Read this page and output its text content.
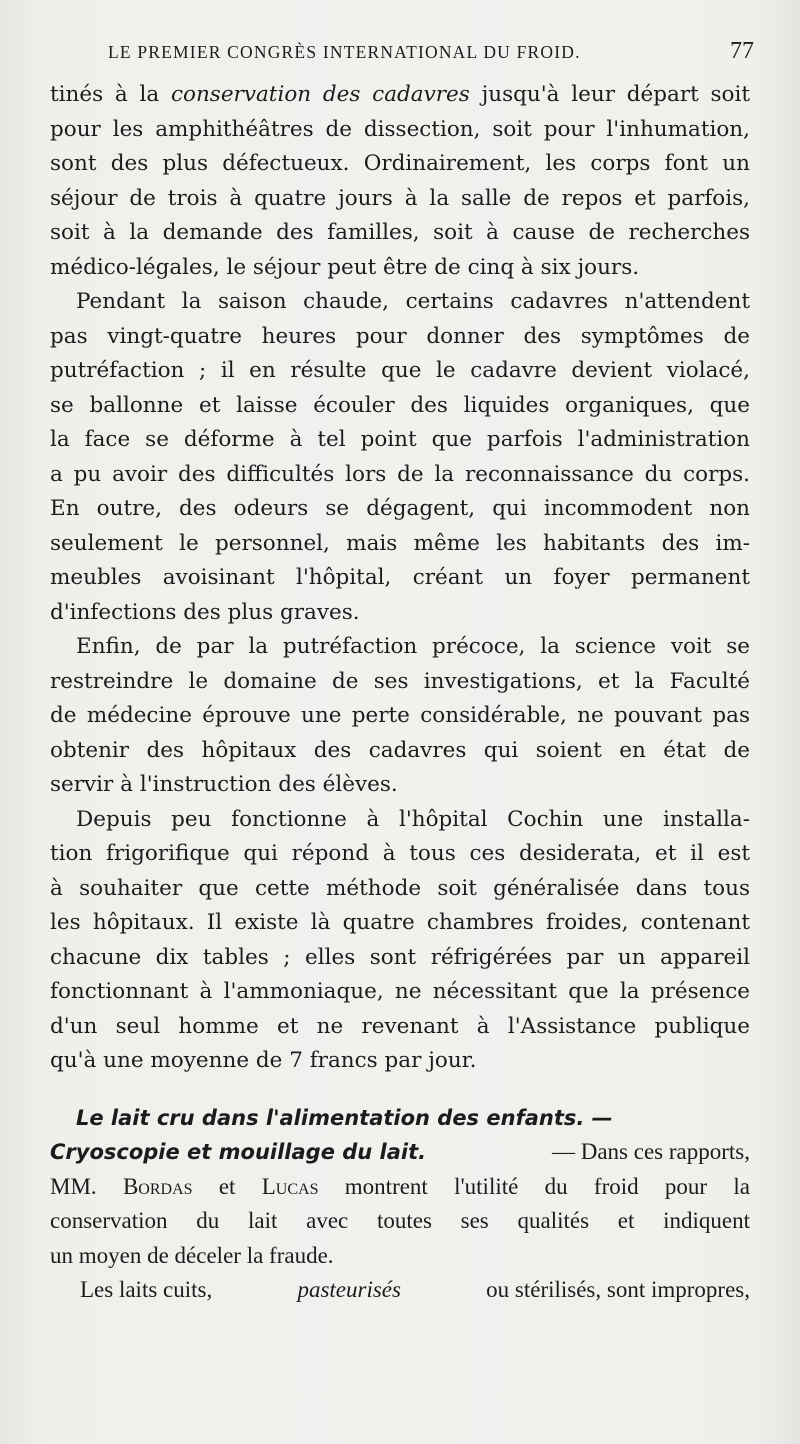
LE PREMIER CONGRÈS INTERNATIONAL DU FROID.	77
tinés à la conservation des cadavres jusqu'à leur départ soit
pour les amphithéâtres de dissection, soit pour l'inhumation,
sont des plus défectueux. Ordinairement, les corps font un
séjour de trois à quatre jours à la salle de repos et parfois,
soit à la demande des familles, soit à cause de recherches
médico-légales, le séjour peut être de cinq à six jours.
Pendant la saison chaude, certains cadavres n'attendent
pas vingt-quatre heures pour donner des symptômes de
putréfaction ; il en résulte que le cadavre devient violacé,
se ballonne et laisse écouler des liquides organiques, que
la face se déforme à tel point que parfois l'administration
a pu avoir des difficultés lors de la reconnaissance du corps.
En outre, des odeurs se dégagent, qui incommodent non
seulement le personnel, mais même les habitants des im-
meubles avoisinant l'hôpital, créant un foyer permanent
d'infections des plus graves.
Enfin, de par la putréfaction précoce, la science voit se
restreindre le domaine de ses investigations, et la Faculté
de médecine éprouve une perte considérable, ne pouvant pas
obtenir des hôpitaux des cadavres qui soient en état de
servir à l'instruction des élèves.
Depuis peu fonctionne à l'hôpital Cochin une installa-
tion frigorifique qui répond à tous ces desiderata, et il est
à souhaiter que cette méthode soit généralisée dans tous
les hôpitaux. Il existe là quatre chambres froides, contenant
chacune dix tables ; elles sont réfrigérées par un appareil
fonctionnant à l'ammoniaque, ne nécessitant que la présence
d'un seul homme et ne revenant à l'Assistance publique
qu'à une moyenne de 7 francs par jour.
Le lait cru dans l'alimentation des enfants. —
Cryoscopie et mouillage du lait.	— Dans ces rapports,
MM. Bordas et Lucas montrent l'utilité du froid pour la
conservation du lait avec toutes ses qualités et indiquent
un moyen de déceler la fraude.
Les laits cuits,	pasteurisés	ou stérilisés, sont impropres,
